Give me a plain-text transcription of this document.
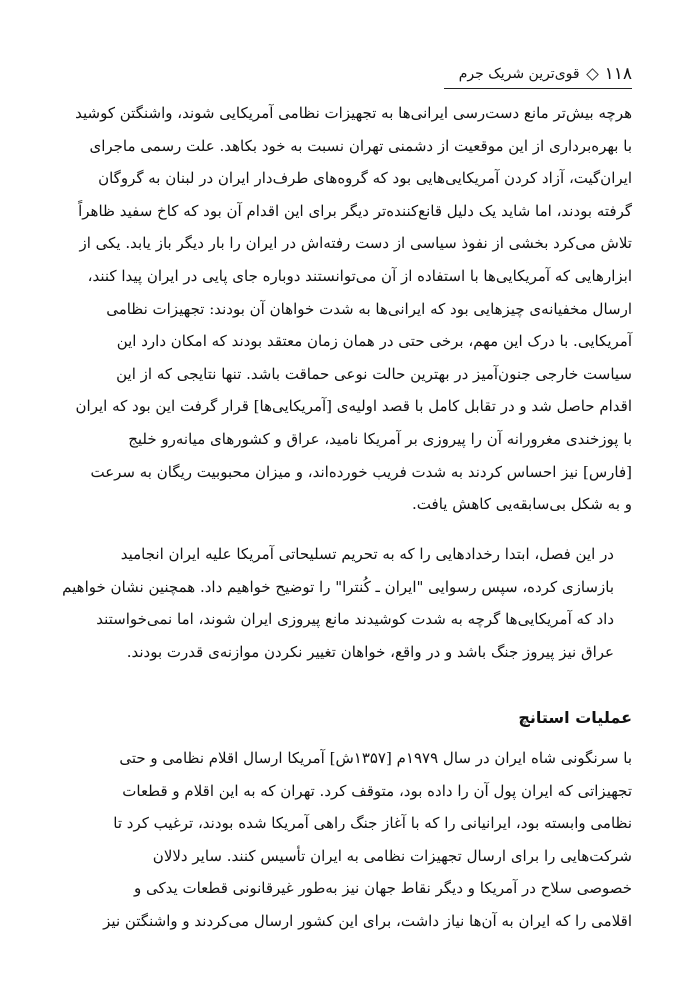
قوی‌ترین شریک جرم ۱۱۸
هرچه بیش‌تر مانع دست‌رسی ایرانی‌ها به تجهیزات نظامی آمریکایی شوند، واشنگتن کوشید
با بهره‌برداری از این موقعیت از دشمنی تهران نسبت به خود بکاهد. علت رسمی ماجرای
ایران‌گیت، آزاد کردن آمریکایی‌هایی بود که گروه‌های طرف‌دار ایران در لبنان به گروگان
گرفته بودند، اما شاید یک دلیل قانع‌کننده‌تر دیگر برای این اقدام آن بود که کاخ سفید ظاهراً
تلاش می‌کرد بخشی از نفوذ سیاسی از دست رفته‌اش در ایران را بار دیگر باز یابد. یکی از
ابزارهایی که آمریکایی‌ها با استفاده از آن می‌توانستند دوباره جای پایی در ایران پیدا کنند،
ارسال مخفیانه‌ی چیزهایی بود که ایرانی‌ها به شدت خواهان آن بودند: تجهیزات نظامی
آمریکایی. با درک این مهم، برخی حتی در همان زمان معتقد بودند که امکان دارد این
سیاست خارجی جنون‌آمیز در بهترین حالت نوعی حماقت باشد. تنها نتایجی که از این
اقدام حاصل شد و در تقابل کامل با قصد اولیه‌ی [آمریکایی‌ها] قرار گرفت این بود که ایران
با پوزخندی مغرورانه آن را پیروزی بر آمریکا نامید، عراق و کشورهای میانه‌رو خلیج
[فارس] نیز احساس کردند به شدت فریب خورده‌اند، و میزان محبوبیت ریگان به سرعت
و به شکل بی‌سابقه‌یی کاهش یافت.
در این فصل، ابتدا رخدادهایی را که به تحریم تسلیحاتی آمریکا علیه ایران انجامید
بازسازی کرده، سپس رسوایی "ایران ـ کُنترا" را توضیح خواهیم داد. همچنین نشان خواهیم
داد که آمریکایی‌ها گرچه به شدت کوشیدند مانع پیروزی ایران شوند، اما نمی‌خواستند
عراق نیز پیروز جنگ باشد و در واقع، خواهان تغییر نکردن موازنه‌ی قدرت بودند.
عملیات استانچ
با سرنگونی شاه ایران در سال ۱۹۷۹م [۱۳۵۷ش] آمریکا ارسال اقلام نظامی و حتی
تجهیزاتی که ایران پول آن را داده بود، متوقف کرد. تهران که به این اقلام و قطعات
نظامی وابسته بود، ایرانیانی را که با آغاز جنگ راهی آمریکا شده بودند، ترغیب کرد تا
شرکت‌هایی را برای ارسال تجهیزات نظامی به ایران تأسیس کنند. سایر دلالان
خصوصی سلاح در آمریکا و دیگر نقاط جهان نیز به‌طور غیرقانونی قطعات یدکی و
اقلامی را که ایران به آن‌ها نیاز داشت، برای این کشور ارسال می‌کردند و واشنگتن نیز
